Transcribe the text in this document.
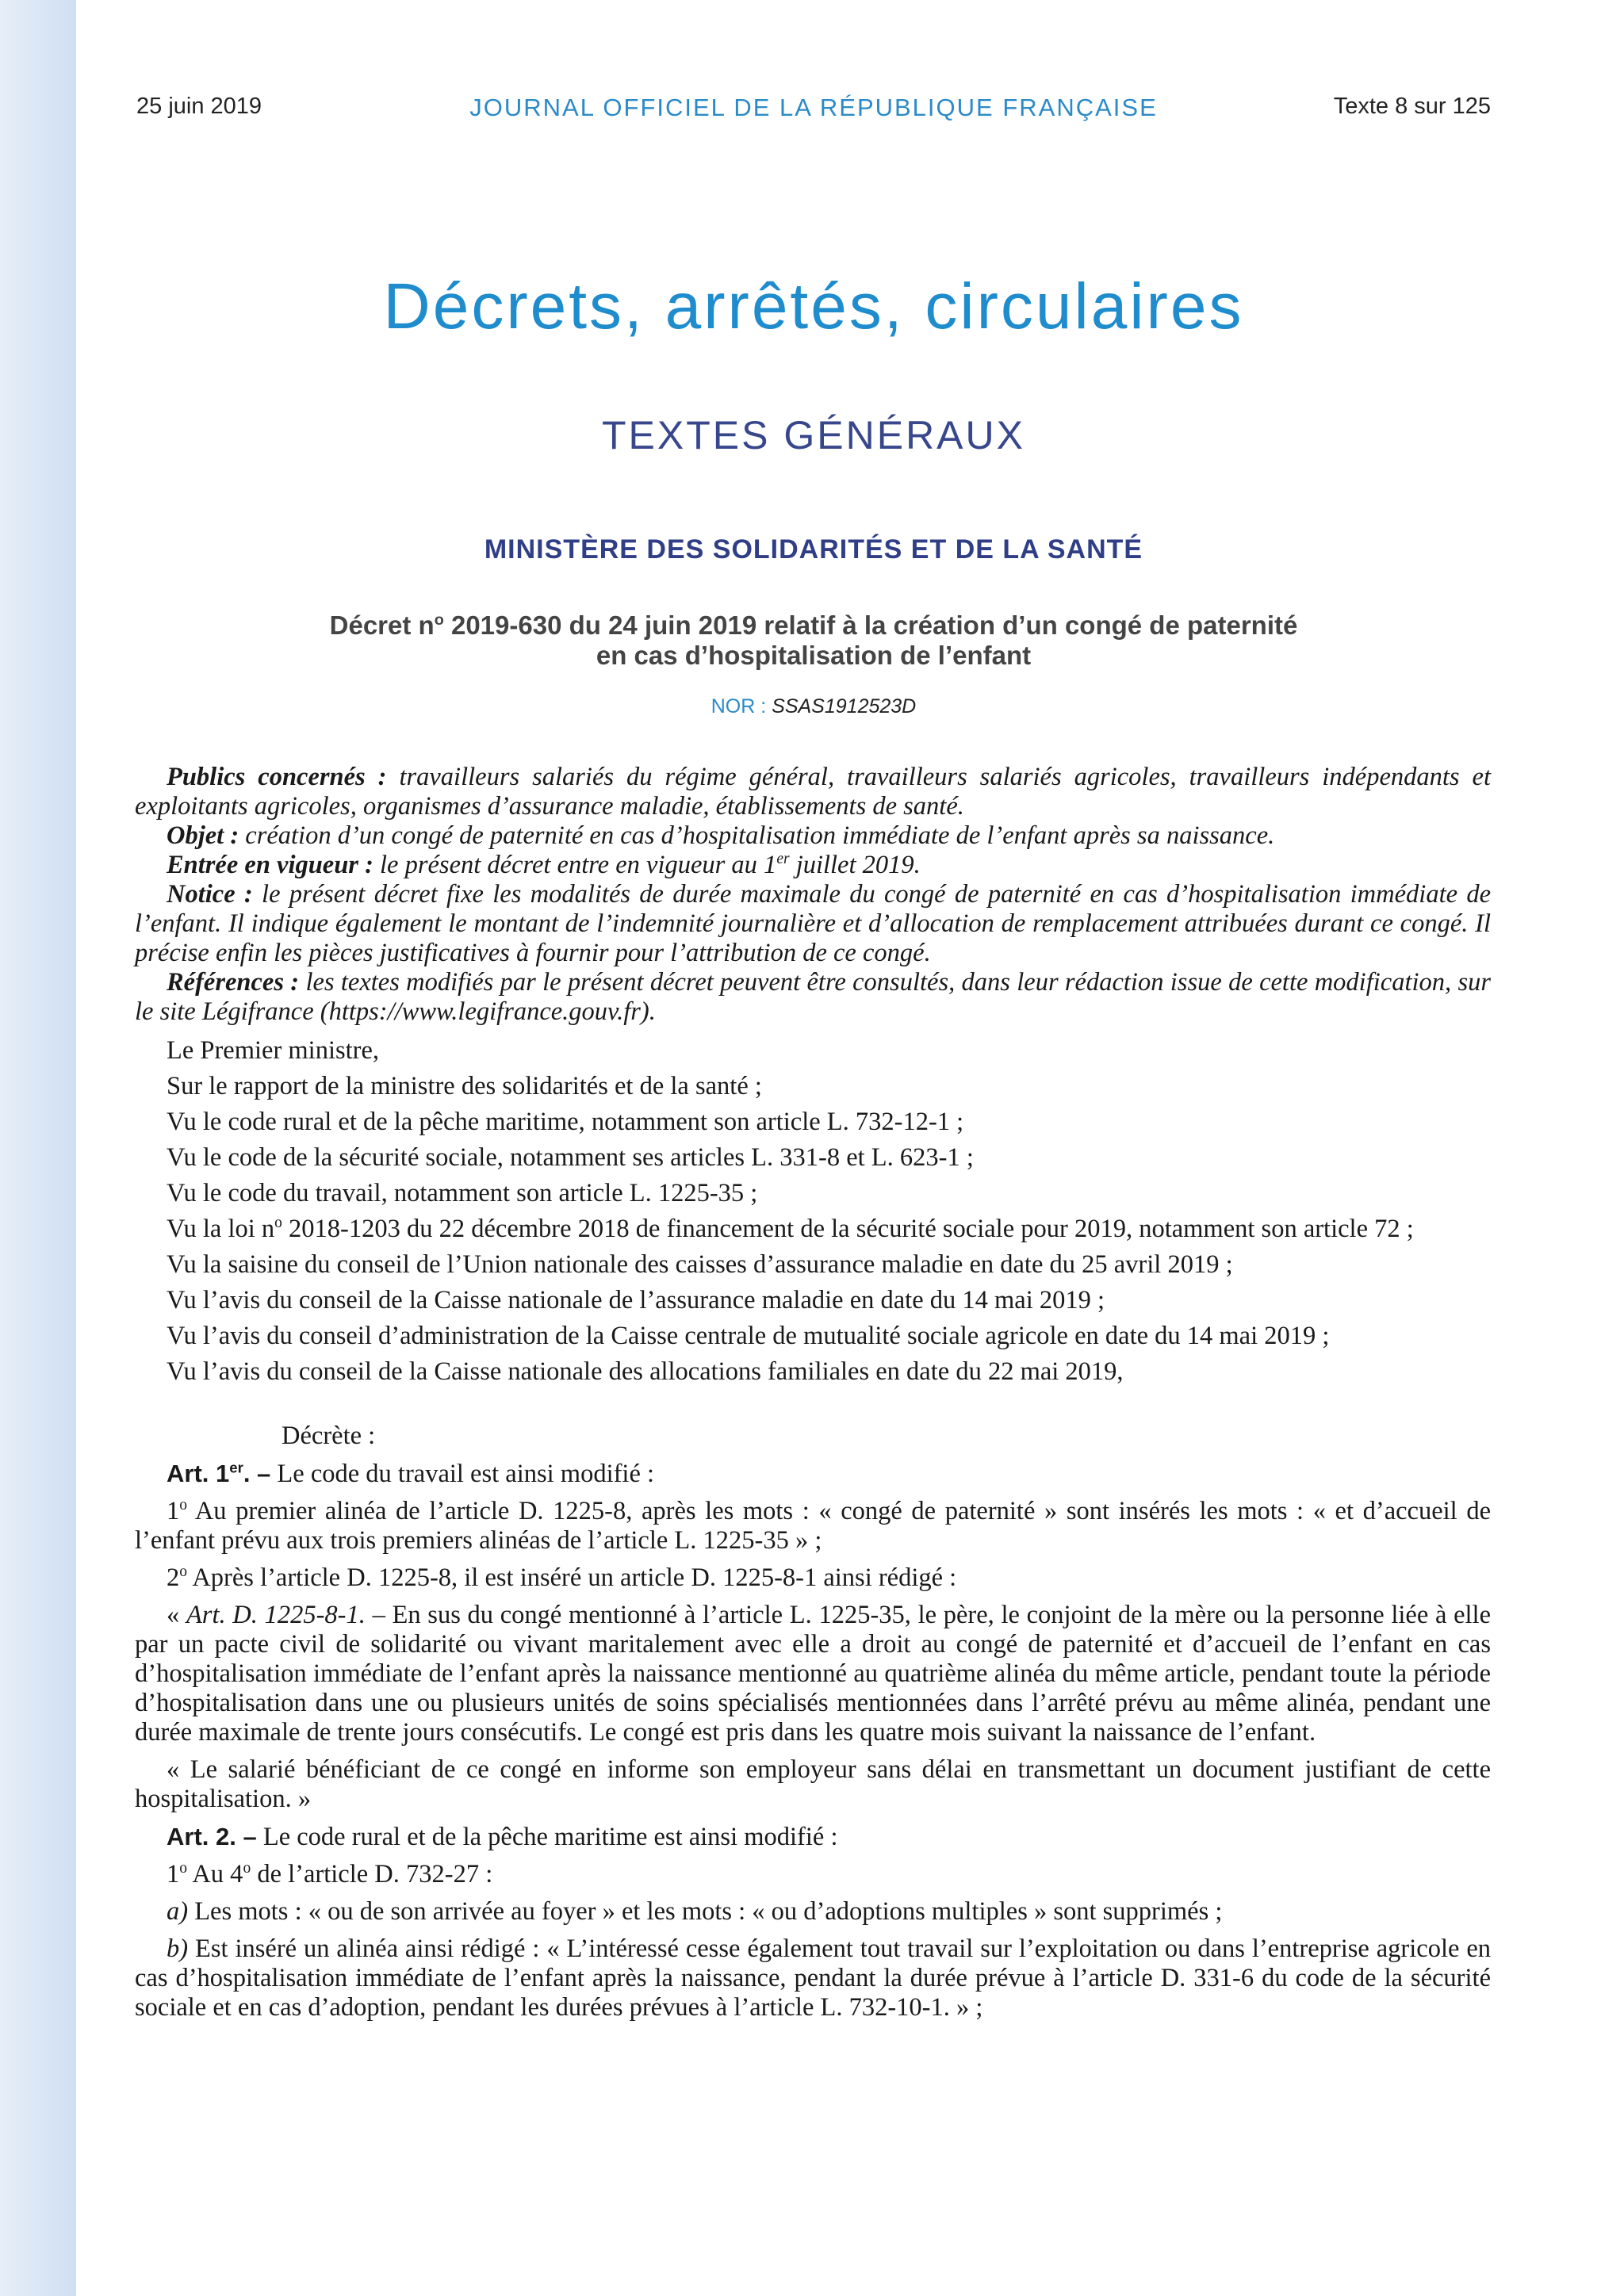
25 juin 2019	JOURNAL OFFICIEL DE LA RÉPUBLIQUE FRANÇAISE	Texte 8 sur 125
Décrets, arrêtés, circulaires
TEXTES GÉNÉRAUX
MINISTÈRE DES SOLIDARITÉS ET DE LA SANTÉ
Décret $n^o$ 2019-630 du 24 juin 2019 relatif à la création d’un congé de paternité
en cas d’hospitalisation de l’enfant
NOR : SSAS1912523D

Publics concernés : travailleurs salariés du régime général, travailleurs salariés agricoles, travailleurs indépendants et exploitants agricoles, organismes d’assurance maladie, établissements de santé.

Objet : création d’un congé de paternité en cas d’hospitalisation immédiate de l’enfant après sa naissance.

Entrée en vigueur : le présent décret entre en vigueur au 1er juillet 2019.

Notice : le présent décret fixe les modalités de durée maximale du congé de paternité en cas d’hospitalisation immédiate de l’enfant. Il indique également le montant de l’indemnité journalière et d’allocation de remplacement attribuées durant ce congé. Il précise enfin les pièces justificatives à fournir pour l’attribution de ce congé.

Références : les textes modifiés par le présent décret peuvent être consultés, dans leur rédaction issue de cette modification, sur le site Légifrance (https://www.legifrance.gouv.fr).

Le Premier ministre,

Sur le rapport de la ministre des solidarités et de la santé ;

Vu le code rural et de la pêche maritime, notamment son article L. 732-12-1 ;

Vu le code de la sécurité sociale, notamment ses articles L. 331-8 et L. 623-1 ;

Vu le code du travail, notamment son article L. 1225-35 ;

Vu la loi $n^o$ 2018-1203 du 22 décembre 2018 de financement de la sécurité sociale pour 2019, notamment son article 72 ;

Vu la saisine du conseil de l’Union nationale des caisses d’assurance maladie en date du 25 avril 2019 ;

Vu l’avis du conseil de la Caisse nationale de l’assurance maladie en date du 14 mai 2019 ;

Vu l’avis du conseil d’administration de la Caisse centrale de mutualité sociale agricole en date du 14 mai 2019 ;

Vu l’avis du conseil de la Caisse nationale des allocations familiales en date du 22 mai 2019,

Décrète :

Art. 1er. – Le code du travail est ainsi modifié :

1$^o$ Au premier alinéa de l’article D. 1225-8, après les mots : « congé de paternité » sont insérés les mots : « et d’accueil de l’enfant prévu aux trois premiers alinéas de l’article L. 1225-35 » ;

2$^o$ Après l’article D. 1225-8, il est inséré un article D. 1225-8-1 ainsi rédigé :

« Art. D. 1225-8-1. – En sus du congé mentionné à l’article L. 1225-35, le père, le conjoint de la mère ou la personne liée à elle par un pacte civil de solidarité ou vivant maritalement avec elle a droit au congé de paternité et d’accueil de l’enfant en cas d’hospitalisation immédiate de l’enfant après la naissance mentionné au quatrième alinéa du même article, pendant toute la période d’hospitalisation dans une ou plusieurs unités de soins spécialisés mentionnées dans l’arrêté prévu au même alinéa, pendant une durée maximale de trente jours consécutifs. Le congé est pris dans les quatre mois suivant la naissance de l’enfant.

« Le salarié bénéficiant de ce congé en informe son employeur sans délai en transmettant un document justifiant de cette hospitalisation. »

Art. 2. – Le code rural et de la pêche maritime est ainsi modifié :

1$^o$ Au 4$^o$ de l’article D. 732-27 :

a) Les mots : « ou de son arrivée au foyer » et les mots : « ou d’adoptions multiples » sont supprimés ;

b) Est inséré un alinéa ainsi rédigé : « L’intéressé cesse également tout travail sur l’exploitation ou dans l’entreprise agricole en cas d’hospitalisation immédiate de l’enfant après la naissance, pendant la durée prévue à l’article D. 331-6 du code de la sécurité sociale et en cas d’adoption, pendant les durées prévues à l’article L. 732-10-1. » ;
